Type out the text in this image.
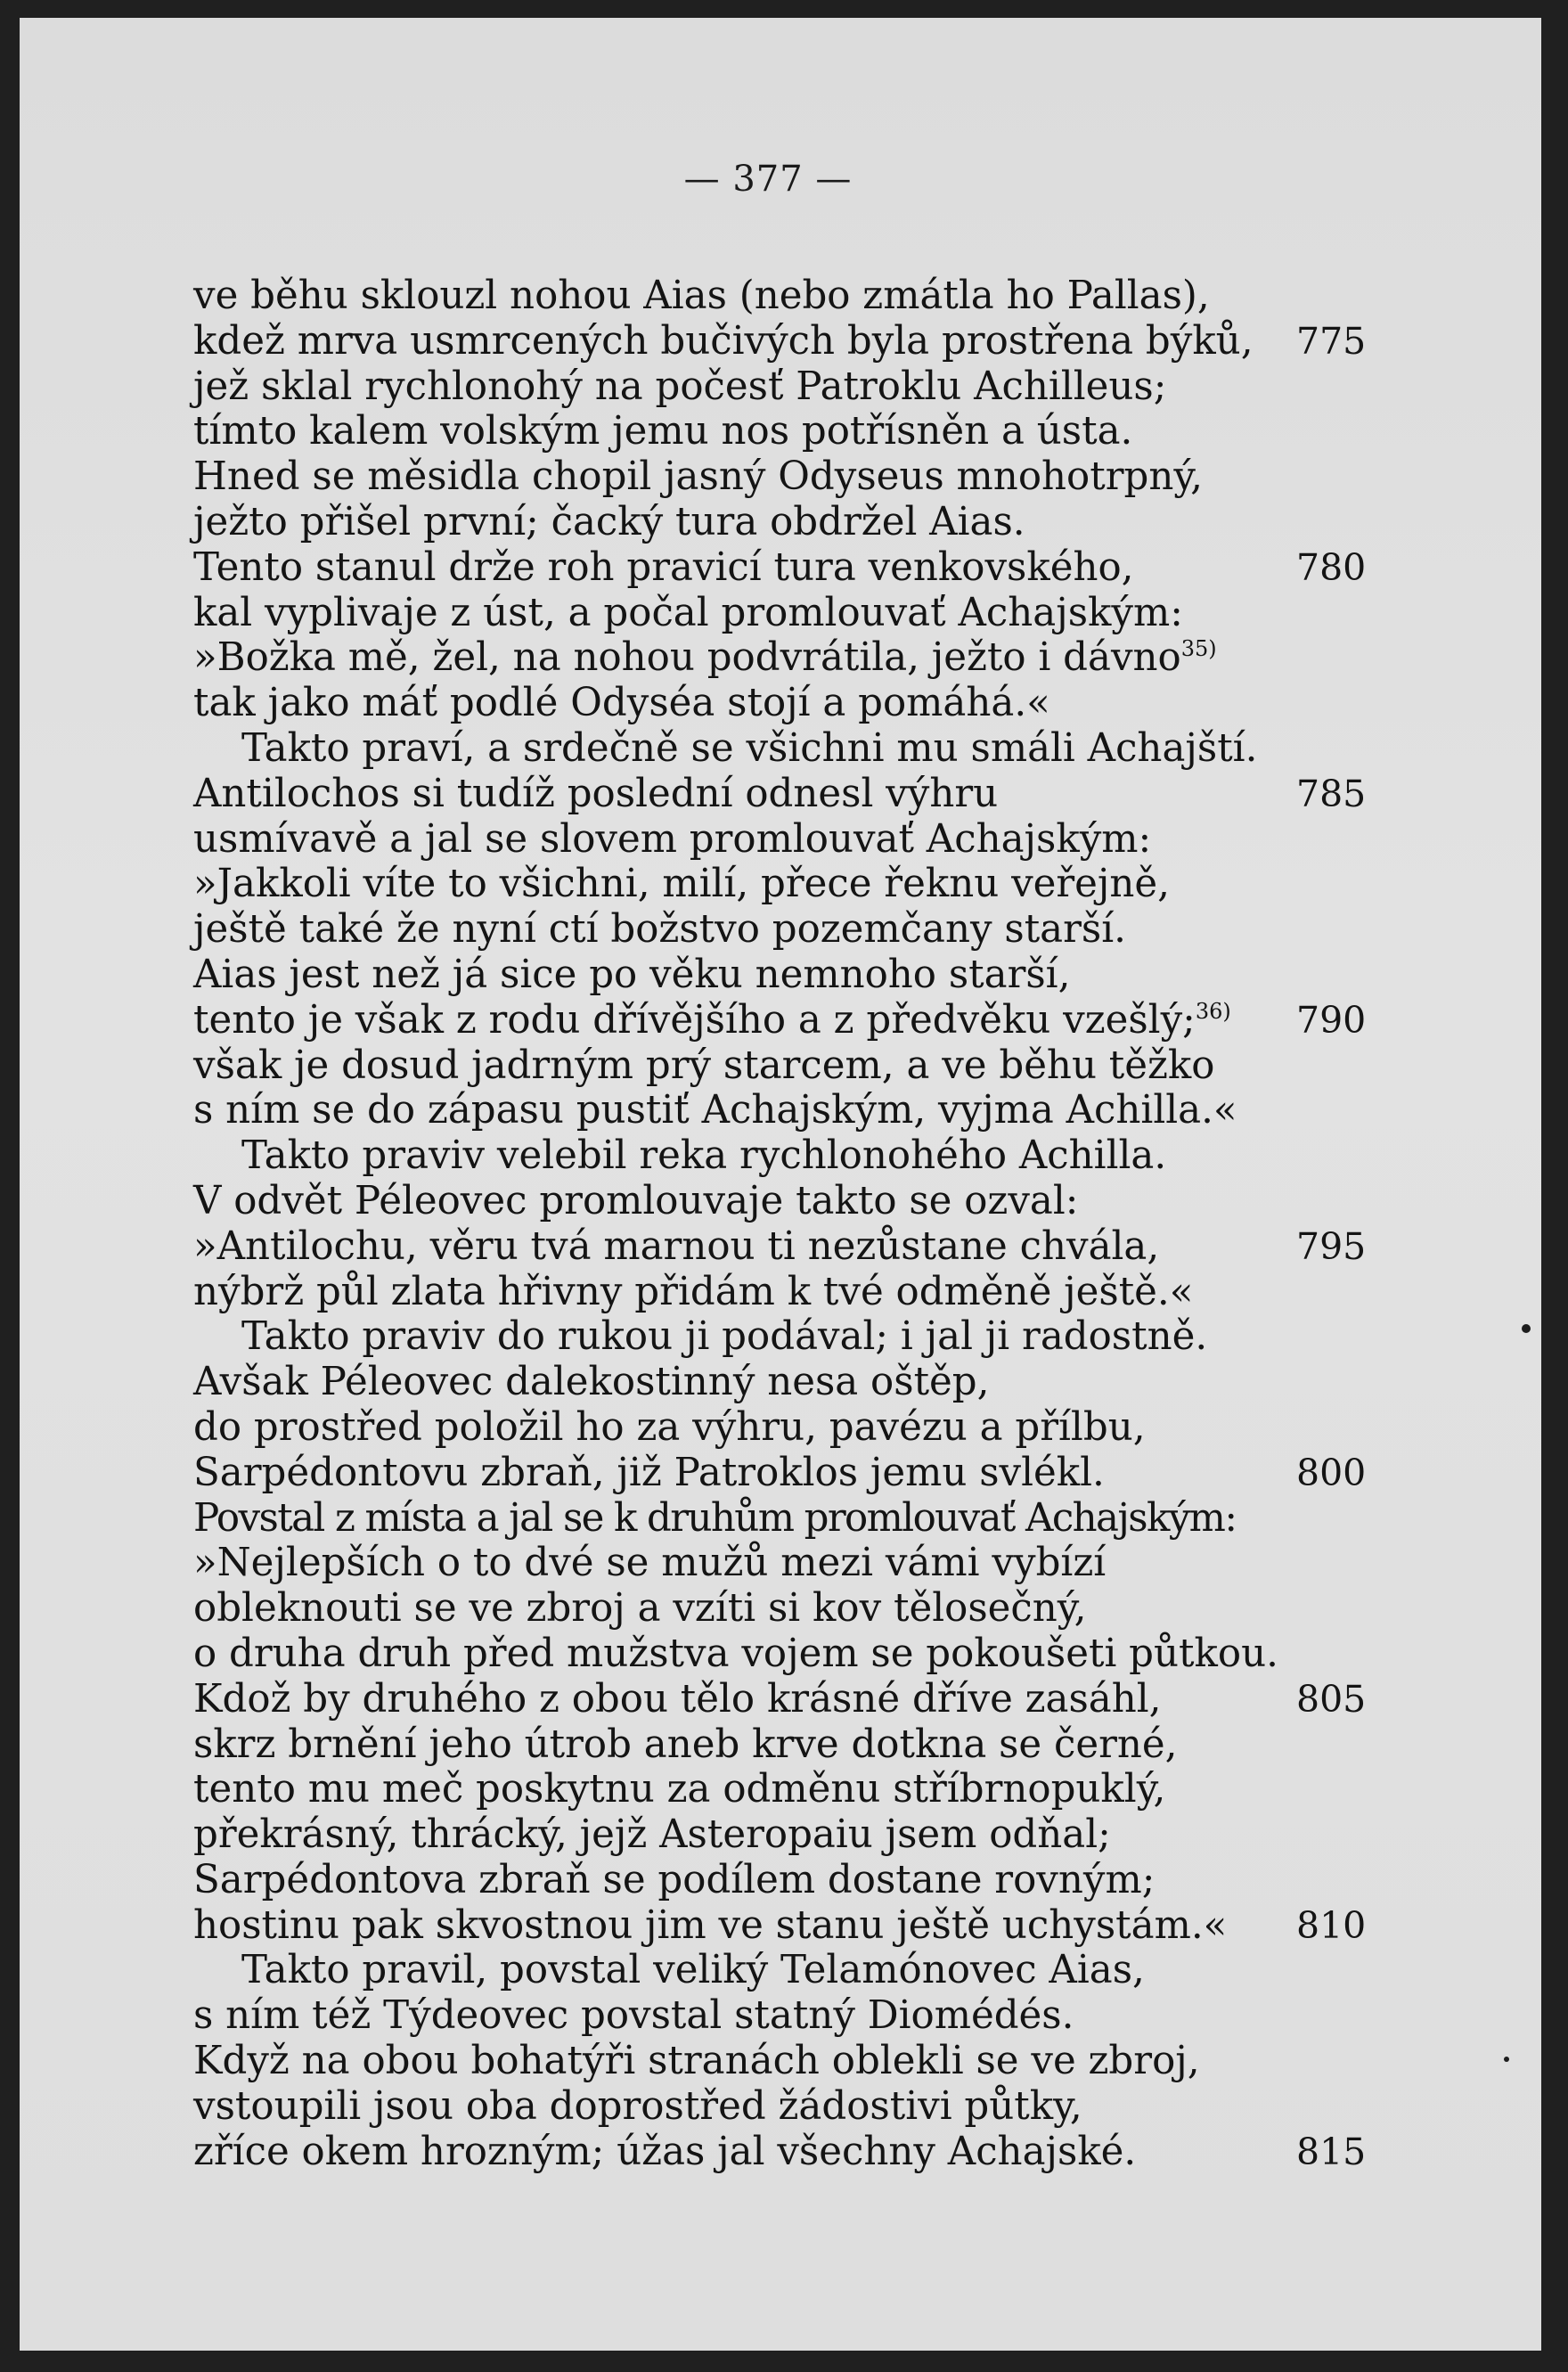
— 377 —
ve běhu sklouzl nohou Aias (nebo zmátla ho Pallas),
kdež mrva usmrcených bučivých byla prostřena býků, 775
jež sklal rychlonohý na počesť Patroklu Achilleus;
tímto kalem volským jemu nos potřísněn a ústa.
Hned se měsidla chopil jasný Odyseus mnohotrpný,
ježto přišel první; čacký tura obdržel Aias.
Tento stanul drže roh pravicí tura venkovského,	780
kal vyplivaje z úst, a počal promlouvať Achajským:
»Božka mě, žel, na nohou podvrátila, ježto i dávno$^{35)}$
tak jako máť podlé Odyséa stojí a pomáhá.«
Takto praví, a srdečně se všichni mu smáli Achajští.
Antilochos si tudíž poslední odnesl výhru	785
usmívavě a jal se slovem promlouvať Achajským:
»Jakkoli víte to všichni, milí, přece řeknu veřejně,
ještě také že nyní ctí božstvo pozemčany starší.
Aias jest než já sice po věku nemnoho starší,
tento je však z rodu dřívějšího a z předvěku vzešlý;$^{36)}$ 790
však je dosud jadrným prý starcem, a ve běhu těžko
s ním se do zápasu pustiť Achajským, vyjma Achilla.«
Takto praviv velebil reka rychlonohého Achilla.
V odvět Péleovec promlouvaje takto se ozval:
»Antilochu, věru tvá marnou ti nezůstane chvála,	795
nýbrž půl zlata hřivny přidám k tvé odměně ještě.«
Takto praviv do rukou ji podával; i jal ji radostně.
Avšak Péleovec dalekostinný nesa oštěp,
do prostřed položil ho za výhru, pavézu a přílbu,
Sarpédontovu zbraň, již Patroklos jemu svlékl.	800
Povstal z místa a jal se k druhům promlouvať Achajským:
»Nejlepších o to dvé se mužů mezi vámi vybízí
obleknouti se ve zbroj a vzíti si kov tělosečný,
o druha druh před mužstva vojem se pokoušeti půtkou.
Kdož by druhého z obou tělo krásné dříve zasáhl,	805
skrz brnění jeho útrob aneb krve dotkna se černé,
tento mu meč poskytnu za odměnu stříbrnopuklý,
překrásný, thrácký, jejž Asteropaiu jsem odňal;
Sarpédontova zbraň se podílem dostane rovným;
hostinu pak skvostnou jim ve stanu ještě uchystám.« 810
Takto pravil, povstal veliký Telamónovec Aias,
s ním též Týdeovec povstal statný Diomédés.
Když na obou bohatýři stranách oblekli se ve zbroj,
vstoupili jsou oba doprostřed žádostivi půtky,
zříce okem hrozným; úžas jal všechny Achajské.	815
